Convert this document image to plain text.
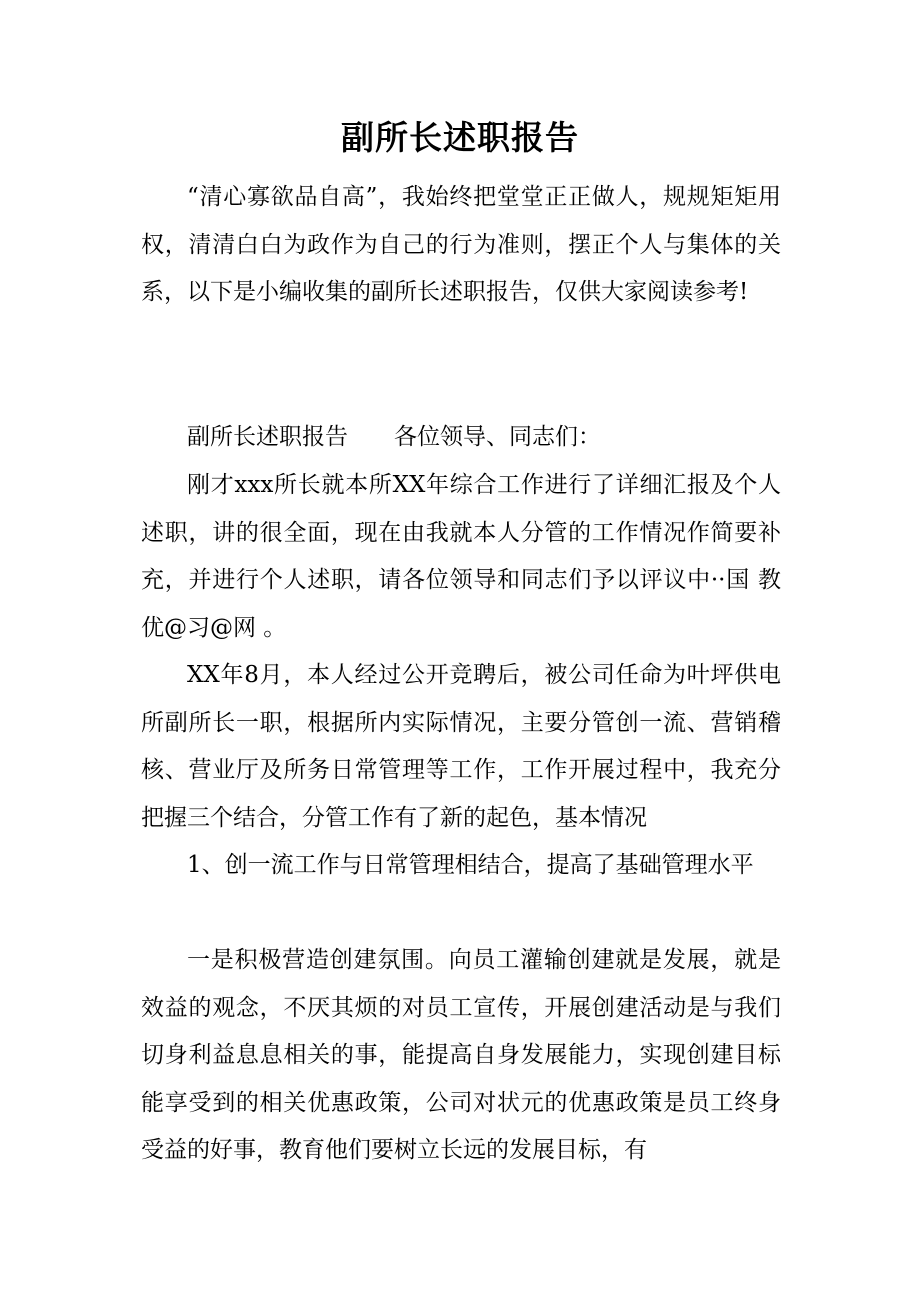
副所长述职报告

“清心寡欲品自高”，我始终把堂堂正正做人，规规矩矩用权，清清白白为政作为自己的行为准则，摆正个人与集体的关系，以下是小编收集的副所长述职报告，仅供大家阅读参考!

副所长述职报告 各位领导、同志们：

刚才xxx所长就本所XX年综合工作进行了详细汇报及个人述职，讲的很全面，现在由我就本人分管的工作情况作简要补充，并进行个人述职，请各位领导和同志们予以评议中··国 教优@习@网 。

XX年8月，本人经过公开竞聘后，被公司任命为叶坪供电所副所长一职，根据所内实际情况，主要分管创一流、营销稽核、营业厅及所务日常管理等工作，工作开展过程中，我充分把握三个结合，分管工作有了新的起色，基本情况

1、创一流工作与日常管理相结合，提高了基础管理水平

一是积极营造创建氛围。向员工灌输创建就是发展，就是效益的观念，不厌其烦的对员工宣传，开展创建活动是与我们切身利益息息相关的事，能提高自身发展能力，实现创建目标能享受到的相关优惠政策，公司对状元的优惠政策是员工终身受益的好事，教育他们要树立长远的发展目标，有
